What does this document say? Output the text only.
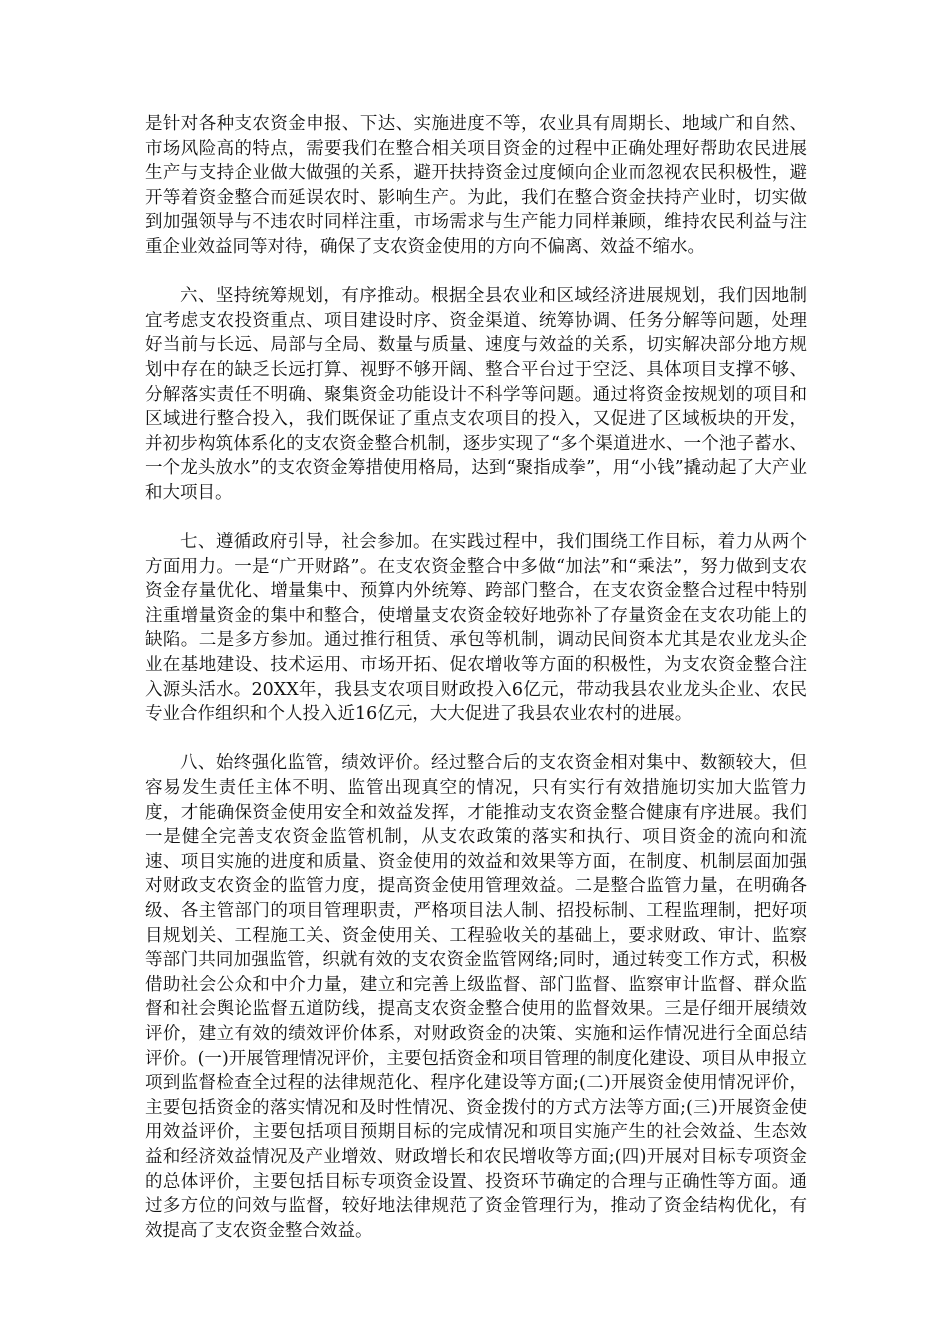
是针对各种支农资金申报、下达、实施进度不等，农业具有周期长、地域广和自然、市场风险高的特点，需要我们在整合相关项目资金的过程中正确处理好帮助农民进展生产与支持企业做大做强的关系，避开扶持资金过度倾向企业而忽视农民积极性，避开等着资金整合而延误农时、影响生产。为此，我们在整合资金扶持产业时，切实做到加强领导与不违农时同样注重，市场需求与生产能力同样兼顾，维持农民利益与注重企业效益同等对待，确保了支农资金使用的方向不偏离、效益不缩水。

六、坚持统筹规划，有序推动。根据全县农业和区域经济进展规划，我们因地制宜考虑支农投资重点、项目建设时序、资金渠道、统筹协调、任务分解等问题，处理好当前与长远、局部与全局、数量与质量、速度与效益的关系，切实解决部分地方规划中存在的缺乏长远打算、视野不够开阔、整合平台过于空泛、具体项目支撑不够、分解落实责任不明确、聚集资金功能设计不科学等问题。通过将资金按规划的项目和区域进行整合投入，我们既保证了重点支农项目的投入，又促进了区域板块的开发，并初步构筑体系化的支农资金整合机制，逐步实现了“多个渠道进水、一个池子蓄水、一个龙头放水”的支农资金筹措使用格局，达到“聚指成拳”，用“小钱”撬动起了大产业和大项目。

七、遵循政府引导，社会参加。在实践过程中，我们围绕工作目标，着力从两个方面用力。一是“广开财路”。在支农资金整合中多做“加法”和“乘法”，努力做到支农资金存量优化、增量集中、预算内外统筹、跨部门整合，在支农资金整合过程中特别注重增量资金的集中和整合，使增量支农资金较好地弥补了存量资金在支农功能上的缺陷。二是多方参加。通过推行租赁、承包等机制，调动民间资本尤其是农业龙头企业在基地建设、技术运用、市场开拓、促农增收等方面的积极性，为支农资金整合注入源头活水。20XX年，我县支农项目财政投入6亿元，带动我县农业龙头企业、农民专业合作组织和个人投入近16亿元，大大促进了我县农业农村的进展。

八、始终强化监管，绩效评价。经过整合后的支农资金相对集中、数额较大，但容易发生责任主体不明、监管出现真空的情况，只有实行有效措施切实加大监管力度，才能确保资金使用安全和效益发挥，才能推动支农资金整合健康有序进展。我们一是健全完善支农资金监管机制，从支农政策的落实和执行、项目资金的流向和流速、项目实施的进度和质量、资金使用的效益和效果等方面，在制度、机制层面加强对财政支农资金的监管力度，提高资金使用管理效益。二是整合监管力量，在明确各级、各主管部门的项目管理职责，严格项目法人制、招投标制、工程监理制，把好项目规划关、工程施工关、资金使用关、工程验收关的基础上，要求财政、审计、监察等部门共同加强监管，织就有效的支农资金监管网络;同时，通过转变工作方式，积极借助社会公众和中介力量，建立和完善上级监督、部门监督、监察审计监督、群众监督和社会舆论监督五道防线，提高支农资金整合使用的监督效果。三是仔细开展绩效评价，建立有效的绩效评价体系，对财政资金的决策、实施和运作情况进行全面总结评价。(一)开展管理情况评价，主要包括资金和项目管理的制度化建设、项目从申报立项到监督检查全过程的法律规范化、程序化建设等方面;(二)开展资金使用情况评价，主要包括资金的落实情况和及时性情况、资金拨付的方式方法等方面;(三)开展资金使用效益评价，主要包括项目预期目标的完成情况和项目实施产生的社会效益、生态效益和经济效益情况及产业增效、财政增长和农民增收等方面;(四)开展对目标专项资金的总体评价，主要包括目标专项资金设置、投资环节确定的合理与正确性等方面。通过多方位的问效与监督，较好地法律规范了资金管理行为，推动了资金结构优化，有效提高了支农资金整合效益。
